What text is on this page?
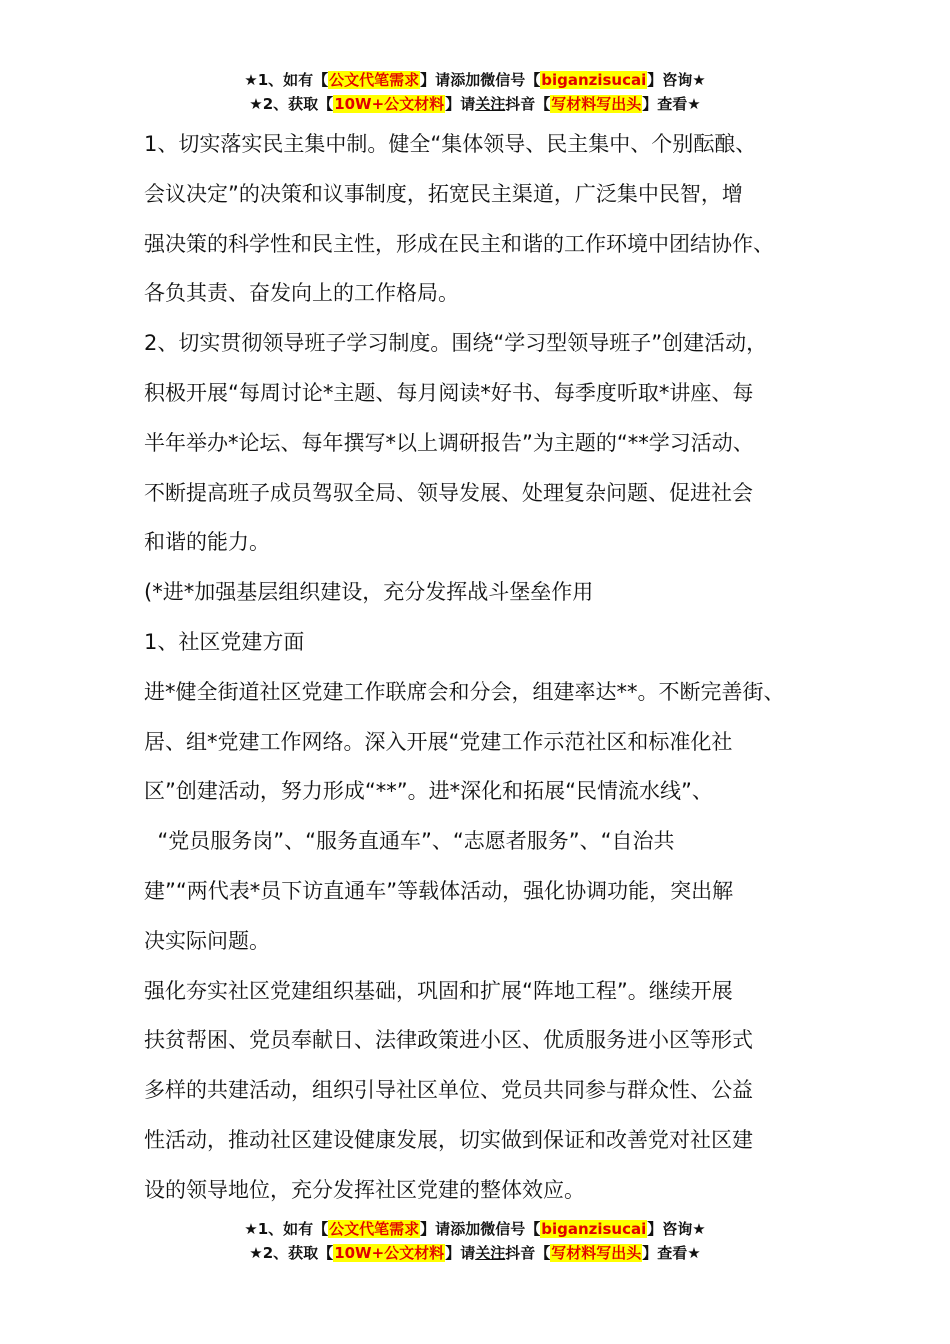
★1、如有【公文代笔需求】请添加微信号【biganzisucai】咨询★
★2、获取【10W+公文材料】请关注抖音【写材料写出头】查看★
1、切实落实民主集中制。健全“集体领导、民主集中、个别酝酿、
会议决定”的决策和议事制度，拓宽民主渠道，广泛集中民智，增
强决策的科学性和民主性，形成在民主和谐的工作环境中团结协作、
各负其责、奋发向上的工作格局。
2、切实贯彻领导班子学习制度。围绕“学习型领导班子”创建活动，
积极开展“每周讨论*主题、每月阅读*好书、每季度听取*讲座、每
半年举办*论坛、每年撰写*以上调研报告”为主题的“**学习活动、
不断提高班子成员驾驭全局、领导发展、处理复杂问题、促进社会
和谐的能力。
(*进*加强基层组织建设，充分发挥战斗堡垒作用
1、社区党建方面
进*健全街道社区党建工作联席会和分会，组建率达**。不断完善街、
居、组*党建工作网络。深入开展“党建工作示范社区和标准化社
区”创建活动，努力形成“**”。进*深化和拓展“民情流水线”、
“党员服务岗”、“服务直通车”、“志愿者服务”、“自治共
建”“两代表*员下访直通车”等载体活动，强化协调功能，突出解
决实际问题。
强化夯实社区党建组织基础，巩固和扩展“阵地工程”。继续开展
扶贫帮困、党员奉献日、法律政策进小区、优质服务进小区等形式
多样的共建活动，组织引导社区单位、党员共同参与群众性、公益
性活动，推动社区建设健康发展，切实做到保证和改善党对社区建
设的领导地位，充分发挥社区党建的整体效应。
★1、如有【公文代笔需求】请添加微信号【biganzisucai】咨询★
★2、获取【10W+公文材料】请关注抖音【写材料写出头】查看★
